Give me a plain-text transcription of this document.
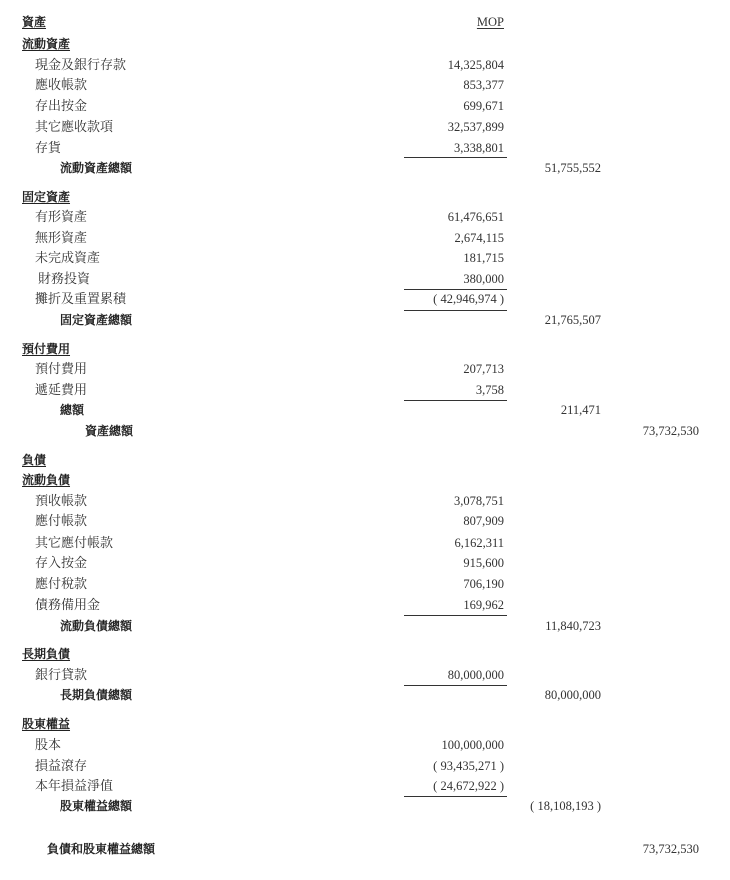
資產	MOP
流動資產
現金及銀行存款	14,325,804
應收帳款	853,377
存出按金	699,671
其它應收款項	32,537,899
存貨	3,338,801
流動資產總額	51,755,552
固定資產
有形資產	61,476,651
無形資產	2,674,115
未完成資產	181,715
財務投資	380,000
攤折及重置累積	( 42,946,974 )
固定資產總額	21,765,507
預付費用
預付費用	207,713
遞延費用	3,758
總額	211,471
資產總額	73,732,530
負債
流動負債
預收帳款	3,078,751
應付帳款	807,909
其它應付帳款	6,162,311
存入按金	915,600
應付稅款	706,190
債務備用金	169,962
流動負債總額	11,840,723
長期負債
銀行貸款	80,000,000
長期負債總額	80,000,000
股東權益
股本	100,000,000
損益滾存	( 93,435,271 )
本年損益淨值	( 24,672,922 )
股東權益總額	( 18,108,193 )
負債和股東權益總額	73,732,530
